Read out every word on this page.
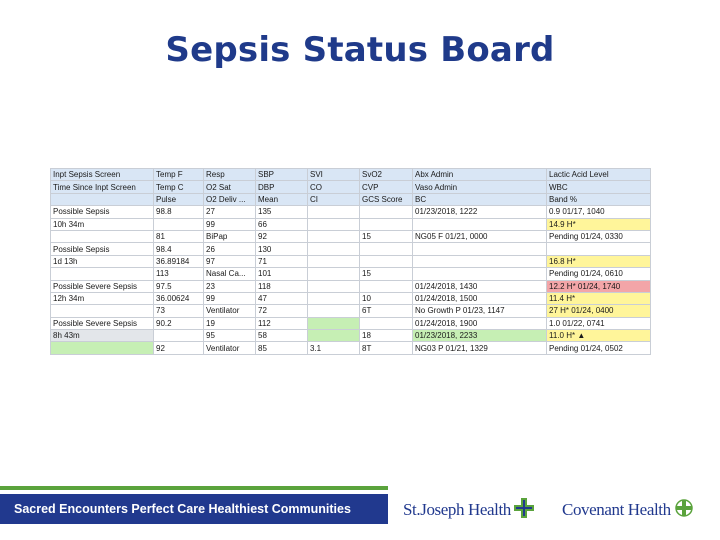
Sepsis Status Board
Inpt Sepsis Screen	Temp F	Resp	SBP	SVI	SvO2	Abx Admin	Lactic Acid Level
Time Since Inpt Screen	Temp C	O2 Sat	DBP	CO	CVP	Vaso Admin	WBC
	Pulse	O2 Deliv ...	Mean	CI	GCS Score	BC	Band %
Possible Sepsis	98.8	27	135			01/23/2018, 1222	0.9 01/17, 1040
10h 34m		99	66				14.9 H*
	81	BiPap	92		15	NG05 F 01/21, 0000	Pending 01/24, 0330
Possible Sepsis	98.4	26	130				
1d 13h	36.89184	97	71				16.8 H*
	113	Nasal Ca...	101		15		Pending 01/24, 0610
Possible Severe Sepsis	97.5	23	118			01/24/2018, 1430	12.2 H* 01/24, 1740
12h 34m	36.00624	99	47		10	01/24/2018, 1500	11.4 H*
	73	Ventilator	72		6T	No Growth P 01/23, 1147	27 H* 01/24, 0400
Possible Severe Sepsis	90.2	19	112			01/24/2018, 1900	1.0 01/22, 0741
8h 43m		95	58		18	01/23/2018, 2233	11.0 H* ▲
	92	Ventilator	85	3.1	8T	NG03 P 01/21, 1329	Pending 01/24, 0502
Sacred Encounters Perfect Care Healthiest Communities	St.Joseph Health	Covenant Health
